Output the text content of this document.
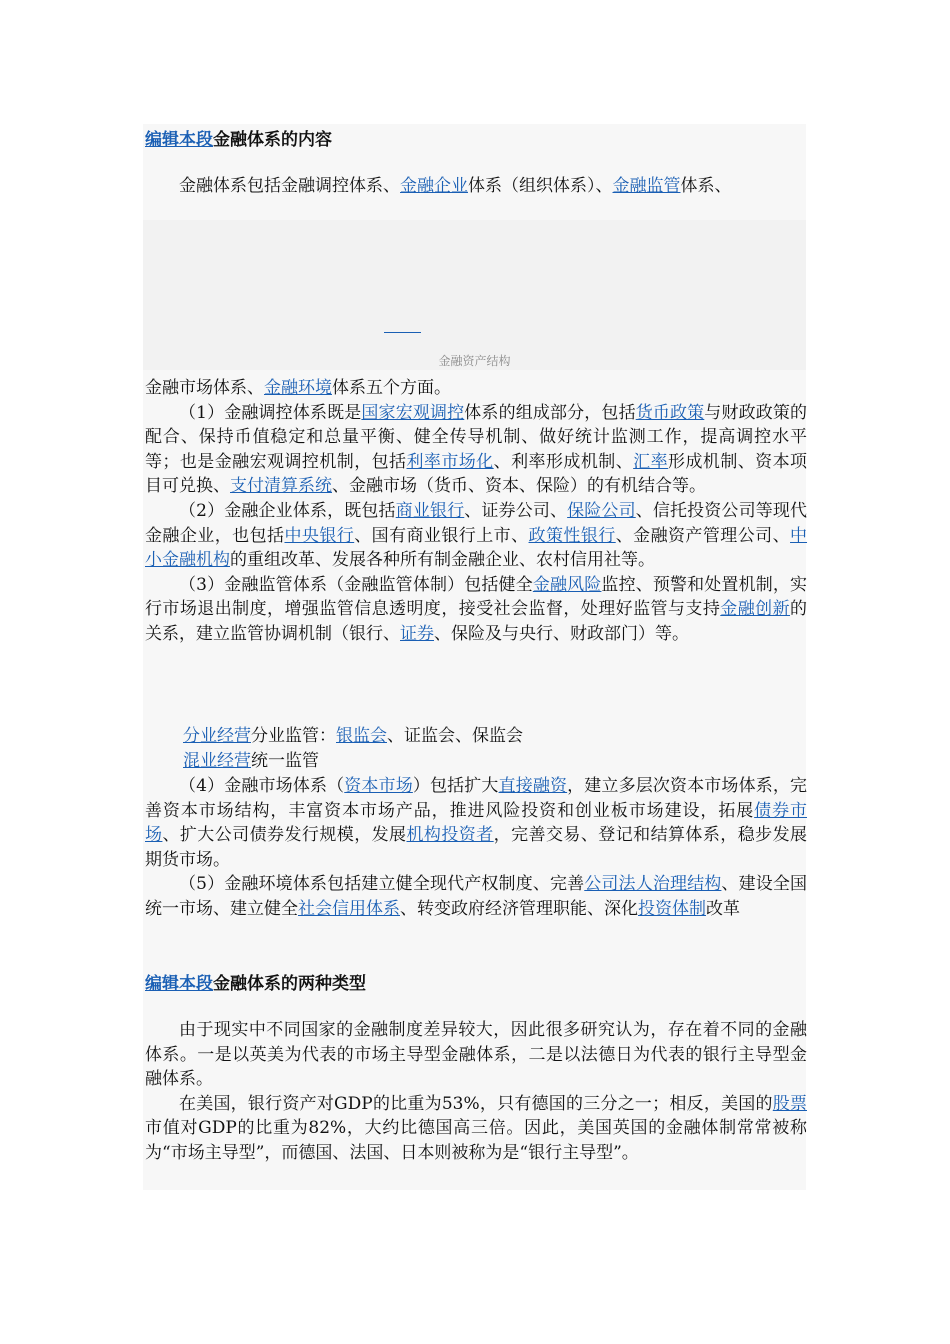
编辑本段金融体系的内容
金融体系包括金融调控体系、金融企业体系（组织体系）、金融监管体系、
金融资产结构
金融市场体系、金融环境体系五个方面。
（1）金融调控体系既是国家宏观调控体系的组成部分，包括货币政策与财政政策的配合、保持币值稳定和总量平衡、健全传导机制、做好统计监测工作，提高调控水平等；也是金融宏观调控机制，包括利率市场化、利率形成机制、汇率形成机制、资本项目可兑换、支付清算系统、金融市场（货币、资本、保险）的有机结合等。
（2）金融企业体系，既包括商业银行、证券公司、保险公司、信托投资公司等现代金融企业，也包括中央银行、国有商业银行上市、政策性银行、金融资产管理公司、中小金融机构的重组改革、发展各种所有制金融企业、农村信用社等。
（3）金融监管体系（金融监管体制）包括健全金融风险监控、预警和处置机制，实行市场退出制度，增强监管信息透明度，接受社会监督，处理好监管与支持金融创新的关系，建立监管协调机制（银行、证券、保险及与央行、财政部门）等。
分业经营分业监管：银监会、证监会、保监会
混业经营统一监管
（4）金融市场体系（资本市场）包括扩大直接融资，建立多层次资本市场体系，完善资本市场结构，丰富资本市场产品，推进风险投资和创业板市场建设，拓展债券市场、扩大公司债券发行规模，发展机构投资者，完善交易、登记和结算体系，稳步发展期货市场。
（5）金融环境体系包括建立健全现代产权制度、完善公司法人治理结构、建设全国统一市场、建立健全社会信用体系、转变政府经济管理职能、深化投资体制改革
编辑本段金融体系的两种类型
由于现实中不同国家的金融制度差异较大，因此很多研究认为，存在着不同的金融体系。一是以英美为代表的市场主导型金融体系，二是以法德日为代表的银行主导型金融体系。
在美国，银行资产对GDP的比重为53%，只有德国的三分之一；相反，美国的股票市值对GDP的比重为82%，大约比德国高三倍。因此，美国英国的金融体制常常被称为“市场主导型”，而德国、法国、日本则被称为是“银行主导型”。
